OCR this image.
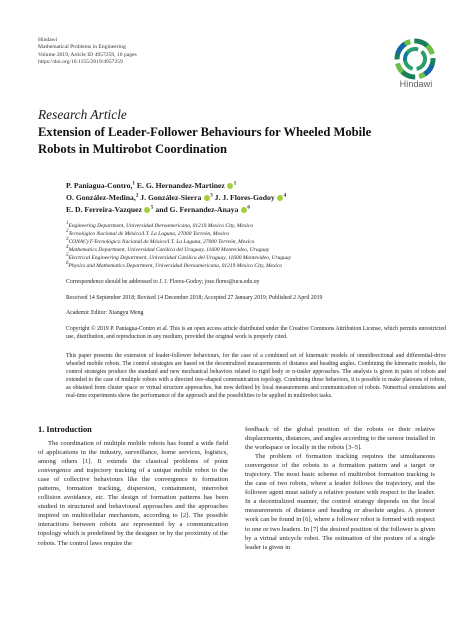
Hindawi
Mathematical Problems in Engineering
Volume 2019, Article ID 4957259, 16 pages
https://doi.org/10.1155/2019/4957259
Hindawi
Research Article
Extension of Leader-Follower Behaviours for Wheeled Mobile
Robots in Multirobot Coordination
P. Paniagua-Contro,$^1$ E. G. Hernandez-Martinez $^1$
O. González-Medina,$^2$ J. González-Sierra $^3$ J. J. Flores-Godoy $^4$
E. D. Ferreira-Vazquez $^5$ and G. Fernandez-Anaya $^6$
$^1$Engineering Department, Universidad Iberoamericana, 01219 Mexico City, Mexico
$^2$Tecnológico Nacional de México/I.T. La Laguna, 27000 Torreón, Mexico
$^3$CONACyT-Tecnológico Nacional de México/I.T. La Laguna, 27000 Torreón, Mexico
$^4$Mathematics Department, Universidad Católica del Uruguay, 11600 Montevideo, Uruguay
$^5$Electrical Engineering Department, Universidad Católica del Uruguay, 11600 Montevideo, Uruguay
$^6$Physics and Mathematics Department, Universidad Iberoamericana, 01219 Mexico City, Mexico
Correspondence should be addressed to J. J. Flores-Godoy; jose.flores@ucu.edu.uy
Received 14 September 2018; Revised 14 December 2018; Accepted 27 January 2019; Published 2 April 2019
Academic Editor: Xiangyu Meng
Copyright © 2019 P. Paniagua-Contro et al. This is an open access article distributed under the Creative Commons Attribution License, which permits unrestricted use, distribution, and reproduction in any medium, provided the original work is properly cited.
This paper presents the extension of leader-follower behaviours, for the case of a combined set of kinematic models of omnidirectional and differential-drive wheeled mobile robots. The control strategies are based on the decentralized measurements of distance and heading angles. Combining the kinematic models, the control strategies produce the standard and new mechanical behaviors related to rigid body or n-trailer approaches. The analysis is given in pairs of robots and extended to the case of multiple robots with a directed tree-shaped communication topology. Combining these behaviors, it is possible to make platoons of robots, as obtained from cluster space or virtual structure approaches, but now defined by local measurements and communication of robots. Numerical simulations and real-time experiments show the performance of the approach and the possibilities to be applied in multirobot tasks.
1. Introduction

The coordination of multiple mobile robots has found a wide field of applications in the industry, surveillance, home services, logistics, among others [1]. It extends the classical problems of point convergence and trajectory tracking of a unique mobile robot to the case of collective behaviours like the convergence to formation patterns, formation tracking, dispersion, containment, interrobot collision avoidance, etc. The design of formation patterns has been studied in structured and behavioural approaches and the approaches inspired on multicellular mechanism, according to [2]. The possible interactions between robots are represented by a communication topology which is predefined by the designer or by the proximity of the robots. The control laws require the

feedback of the global position of the robots or their relative displacements, distances, and angles according to the sensor installed in the workspace or locally in the robots [3–5].

The problem of formation tracking requires the simultaneous convergence of the robots to a formation pattern and a target or trajectory. The most basic scheme of multirobot formation tracking is the case of two robots, where a leader follows the trajectory, and the follower agent must satisfy a relative posture with respect to the leader. In a decentralized manner, the control strategy depends on the local measurements of distance and heading or absolute angles. A pioneer work can be found in [6], where a follower robot is formed with respect to one or two leaders. In [7] the desired position of the follower is given by a virtual unicycle robot. The estimation of the posture of a single leader is given in
